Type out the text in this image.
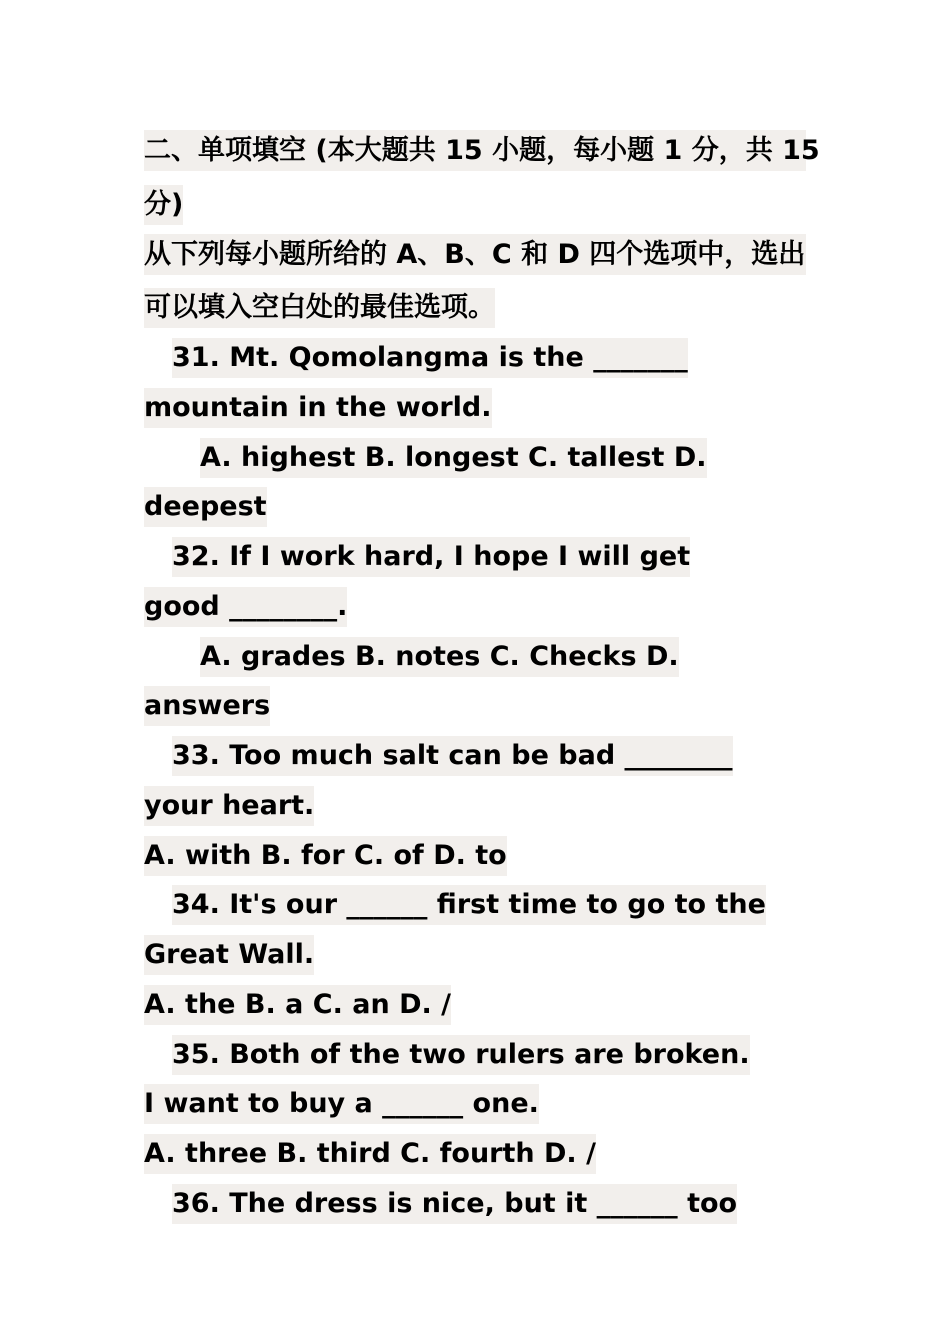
二、单项填空 (本大题共 15 小题，每小题 1 分，共 15
分)
从下列每小题所给的 A、B、C 和 D 四个选项中，选出
可以填入空白处的最佳选项。
31. Mt. Qomolangma is the _______
mountain in the world.
A. highest B. longest C. tallest D.
deepest
32. If I work hard, I hope I will get
good ________.
A. grades B. notes C. Checks D.
answers
33. Too much salt can be bad ________
your heart.
A. with B. for C. of D. to
34. It's our ______ first time to go to the
Great Wall.
A. the B. a C. an D. /
35. Both of the two rulers are broken.
I want to buy a ______ one.
A. three B. third C. fourth D. /
36. The dress is nice, but it ______ too
